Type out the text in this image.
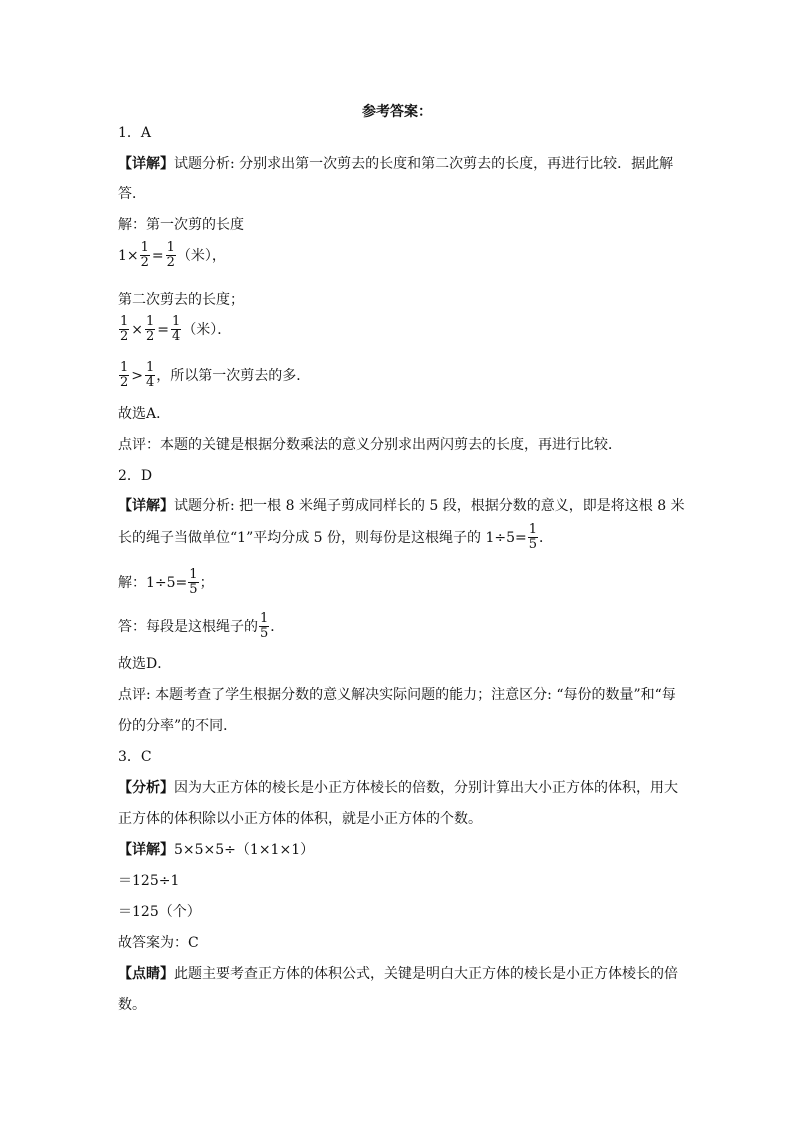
参考答案：
1．A
【详解】试题分析: 分别求出第一次剪去的长度和第二次剪去的长度，再进行比较．据此解
答．
解：第一次剪的长度
$1\times \frac{1}{2} = \frac{1}{2}$ （米），
第二次剪去的长度；
$\frac{1}{2} \times \frac{1}{2} = \frac{1}{4}$ （米）．
$\frac{1}{2} > \frac{1}{4}$ ，所以第一次剪去的多．
故选A．
点评：本题的关键是根据分数乘法的意义分别求出两闪剪去的长度，再进行比较．
2．D
【详解】试题分析: 把一根 8 米绳子剪成同样长的 5 段，根据分数的意义，即是将这根 8 米
长的绳子当做单位“1”平均分成 5 份，则每份是这根绳子的 $1\div 5= \frac{1}{5}$ ．
解：$1\div 5= \frac{1}{5}$ ；
答：每段是这根绳子的 $\frac{1}{5}$ ．
故选D．
点评: 本题考查了学生根据分数的意义解决实际问题的能力；注意区分: “每份的数量”和“每
份的分率”的不同．
3．C
【分析】因为大正方体的棱长是小正方体棱长的倍数，分别计算出大小正方体的体积，用大
正方体的体积除以小正方体的体积，就是小正方体的个数。
【详解】5×5×5÷（1×1×1）
＝125÷1
＝125（个）
故答案为：C
【点睛】此题主要考查正方体的体积公式，关键是明白大正方体的棱长是小正方体棱长的倍
数。
